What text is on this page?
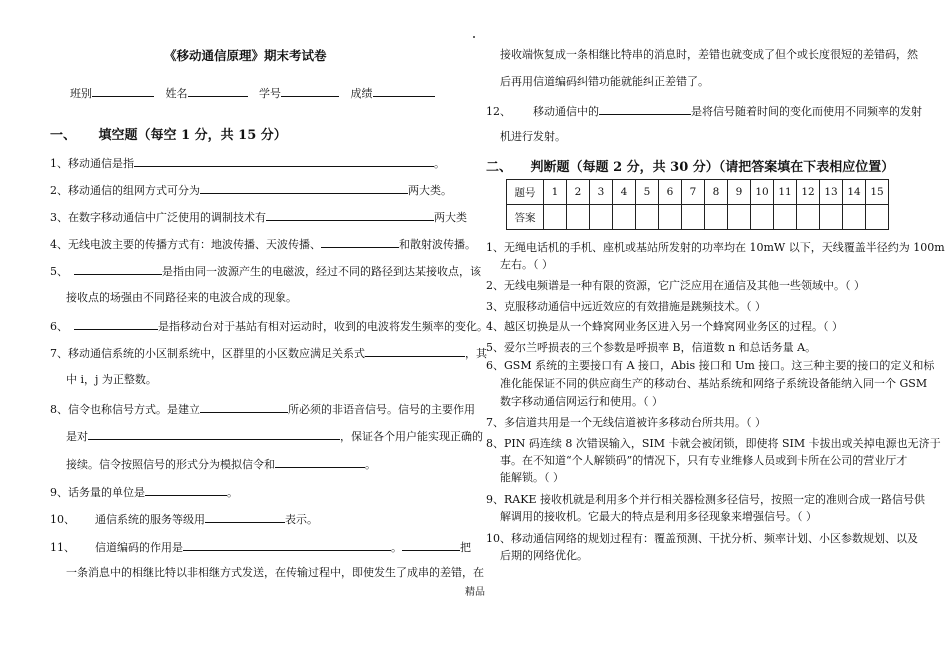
《移动通信原理》期末考试卷
班别	姓名	学号	成绩
一、 填空题（每空 1 分，共 15 分）
1、移动通信是指	。
2、移动通信的组网方式可分为	两大类。
3、在数字移动通信中广泛使用的调制技术有	两大类
4、无线电波主要的传播方式有：地波传播、天波传播、	和散射波传播。
5、	是指由同一波源产生的电磁波，经过不同的路径到达某接收点，该
接收点的场强由不同路径来的电波合成的现象。
6、	是指移动台对于基站有相对运动时，收到的电波将发生频率的变化。
7、移动通信系统的小区制系统中，区群里的小区数应满足关系式	，其
中 i，j 为正整数。
8、信令也称信号方式。是建立	所必须的非语音信号。信号的主要作用
是对	，保证各个用户能实现正确的
接续。信令按照信号的形式分为模拟信令和	。
9、话务量的单位是	。
10、 通信系统的服务等级用	表示。
11、 信道编码的作用是	。	把
一条消息中的相继比特以非相继方式发送，在传输过程中，即使发生了成串的差错，在
接收端恢复成一条相继比特串的消息时，差错也就变成了但个或长度很短的差错码，然
后再用信道编码纠错功能就能纠正差错了。
12、 移动通信中的	是将信号随着时间的变化而使用不同频率的发射
机进行发射。
二、 判断题（每题 2 分，共 30 分）（请把答案填在下表相应位置）
题号	1	2	3	4	5	6	7	8	9	10	11	12	13	14	15
答案															
1、无绳电话机的手机、座机或基站所发射的功率均在 10mW 以下，天线覆盖半径约为 100m
左右。（ ）
2、无线电频谱是一种有限的资源，它广泛应用在通信及其他一些领域中。（ ）
3、克服移动通信中远近效应的有效措施是跳频技术。（ ）
4、越区切换是从一个蜂窝网业务区进入另一个蜂窝网业务区的过程。（ ）
5、爱尔兰呼损表的三个参数是呼损率 B，信道数 n 和总话务量 A。
6、GSM 系统的主要接口有 A 接口，Abis 接口和 Um 接口。这三种主要的接口的定义和标
准化能保证不同的供应商生产的移动台、基站系统和网络子系统设备能纳入同一个 GSM
数字移动通信网运行和使用。（ ）
7、多信道共用是一个无线信道被许多移动台所共用。（ ）
8、PIN 码连续 8 次错误输入，SIM 卡就会被闭锁，即使将 SIM 卡拔出或关掉电源也无济于
事。在不知道“个人解锁码”的情况下，只有专业维修人员或到卡所在公司的营业厅才
能解锁。（ ）
9、RAKE 接收机就是利用多个并行相关器检测多径信号，按照一定的准则合成一路信号供
解调用的接收机。它最大的特点是利用多径现象来增强信号。（ ）
10、移动通信网络的规划过程有：覆盖预测、干扰分析、频率计划、小区参数规划、以及
后期的网络优化。
精品
